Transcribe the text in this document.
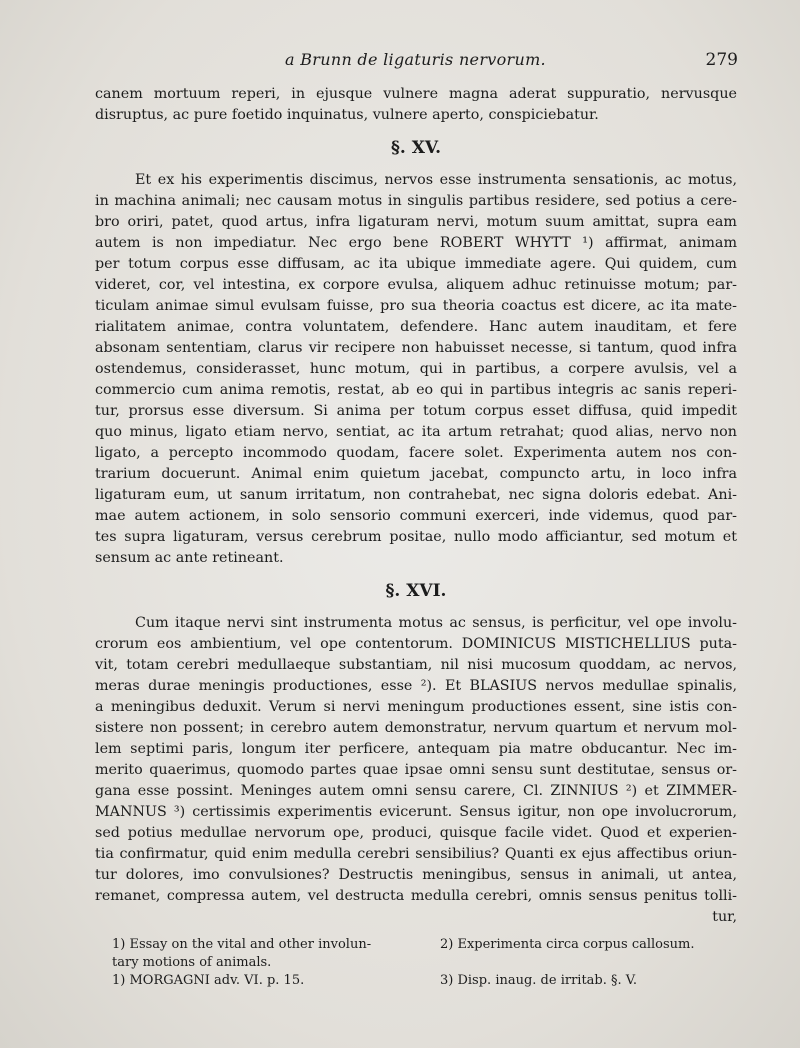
a Brunn de ligaturis nervorum.	279
canem mortuum reperi, in ejusque vulnere magna aderat suppuratio, nervusque
disruptus, ac pure foetido inquinatus, vulnere aperto, conspiciebatur.
§. XV.
Et ex his experimentis discimus, nervos esse instrumenta sensationis, ac motus,
in machina animali; nec causam motus in singulis partibus residere, sed potius a cere-
bro oriri, patet, quod artus, infra ligaturam nervi, motum suum amittat, supra eam
autem is non impediatur. Nec ergo bene ROBERT WHYTT ¹) affirmat, animam
per totum corpus esse diffusam, ac ita ubique immediate agere. Qui quidem, cum
videret, cor, vel intestina, ex corpore evulsa, aliquem adhuc retinuisse motum; par-
ticulam animae simul evulsam fuisse, pro sua theoria coactus est dicere, ac ita mate-
rialitatem animae, contra voluntatem, defendere. Hanc autem inauditam, et fere
absonam sententiam, clarus vir recipere non habuisset necesse, si tantum, quod infra
ostendemus, considerasset, hunc motum, qui in partibus, a corpere avulsis, vel a
commercio cum anima remotis, restat, ab eo qui in partibus integris ac sanis reperi-
tur, prorsus esse diversum. Si anima per totum corpus esset diffusa, quid impedit
quo minus, ligato etiam nervo, sentiat, ac ita artum retrahat; quod alias, nervo non
ligato, a percepto incommodo quodam, facere solet. Experimenta autem nos con-
trarium docuerunt. Animal enim quietum jacebat, compuncto artu, in loco infra
ligaturam eum, ut sanum irritatum, non contrahebat, nec signa doloris edebat. Ani-
mae autem actionem, in solo sensorio communi exerceri, inde videmus, quod par-
tes supra ligaturam, versus cerebrum positae, nullo modo afficiantur, sed motum et
sensum ac ante retineant.
§. XVI.
Cum itaque nervi sint instrumenta motus ac sensus, is perficitur, vel ope involu-
crorum eos ambientium, vel ope contentorum. DOMINICUS MISTICHELLIUS puta-
vit, totam cerebri medullaeque substantiam, nil nisi mucosum quoddam, ac nervos,
meras durae meningis productiones, esse ²). Et BLASIUS nervos medullae spinalis,
a meningibus deduxit. Verum si nervi meningum productiones essent, sine istis con-
sistere non possent; in cerebro autem demonstratur, nervum quartum et nervum mol-
lem septimi paris, longum iter perficere, antequam pia matre obducantur. Nec im-
merito quaerimus, quomodo partes quae ipsae omni sensu sunt destitutae, sensus or-
gana esse possint. Meninges autem omni sensu carere, Cl. ZINNIUS ²) et ZIMMER-
MANNUS ³) certissimis experimentis evicerunt. Sensus igitur, non ope involucrorum,
sed potius medullae nervorum ope, produci, quisque facile videt. Quod et experien-
tia confirmatur, quid enim medulla cerebri sensibilius? Quanti ex ejus affectibus oriun-
tur dolores, imo convulsiones? Destructis meningibus, sensus in animali, ut antea,
remanet, compressa autem, vel destructa medulla cerebri, omnis sensus penitus tolli-
tur,
1) Essay on the vital and other involun-	2) Experimenta circa corpus callosum.
tary motions of animals.
1) MORGAGNI adv. VI. p. 15.	3) Disp. inaug. de irritab. §. V.
